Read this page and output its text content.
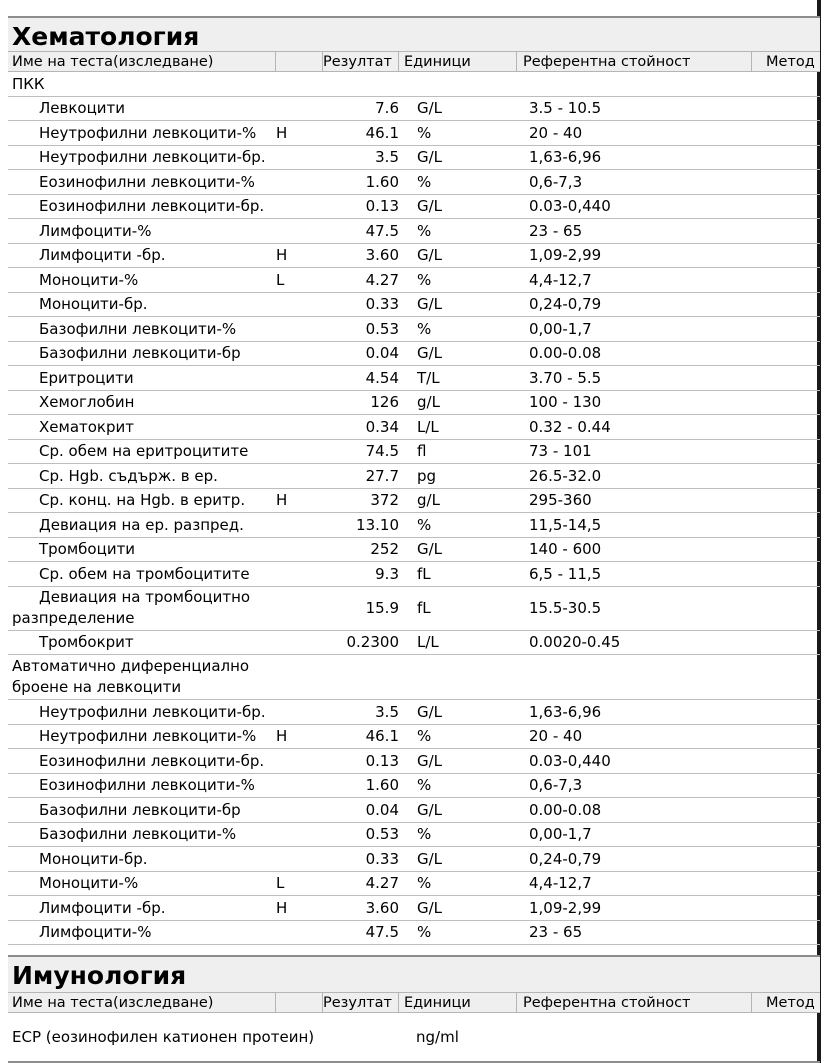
Хематология
Име на теста(изследване)	Резултат Единици	Референтна стойност	Метод
ПКК
Левкоцити	7.6	G/L	3.5 - 10.5
Неутрофилни левкоцити-%	H	46.1	%	20 - 40
Неутрофилни левкоцити-бр.	3.5	G/L	1,63-6,96
Еозинофилни левкоцити-%	1.60	%	0,6-7,3
Еозинофилни левкоцити-бр.	0.13	G/L	0.03-0,440
Лимфоцити-%	47.5	%	23 - 65
Лимфоцити -бр.	H	3.60	G/L	1,09-2,99
Моноцити-%	L	4.27	%	4,4-12,7
Моноцити-бр.	0.33	G/L	0,24-0,79
Базофилни левкоцити-%	0.53	%	0,00-1,7
Базофилни левкоцити-бр	0.04	G/L	0.00-0.08
Еритроцити	4.54	T/L	3.70 - 5.5
Хемоглобин	126	g/L	100 - 130
Хематокрит	0.34	L/L	0.32 - 0.44
Ср. обем на еритроцитите	74.5	fl	73 - 101
Ср. Hgb. съдърж. в ер.	27.7	pg	26.5-32.0
Ср. конц. на Hgb. в еритр.	H	372	g/L	295-360
Девиация на ер. разпред.	13.10	%	11,5-14,5
Тромбоцити	252	G/L	140 - 600
Ср. обем на тромбоцитите	9.3	fL	6,5 - 11,5
Девиация на тромбоцитно
разпределение
15.9	fL	15.5-30.5
Тромбокрит	0.2300	L/L	0.0020-0.45
Автоматично диференциално броене на левкоцити
Неутрофилни левкоцити-бр.	3.5	G/L	1,63-6,96
Неутрофилни левкоцити-%	H	46.1	%	20 - 40
Еозинофилни левкоцити-бр.	0.13	G/L	0.03-0,440
Еозинофилни левкоцити-%	1.60	%	0,6-7,3
Базофилни левкоцити-бр	0.04	G/L	0.00-0.08
Базофилни левкоцити-%	0.53	%	0,00-1,7
Моноцити-бр.	0.33	G/L	0,24-0,79
Моноцити-%	L	4.27	%	4,4-12,7
Лимфоцити -бр.	H	3.60	G/L	1,09-2,99
Лимфоцити-%	47.5	%	23 - 65
Имунология
Име на теста(изследване)	Резултат Единици	Референтна стойност	Метод
ECP (еозинофилен катионен протеин)	ng/ml
